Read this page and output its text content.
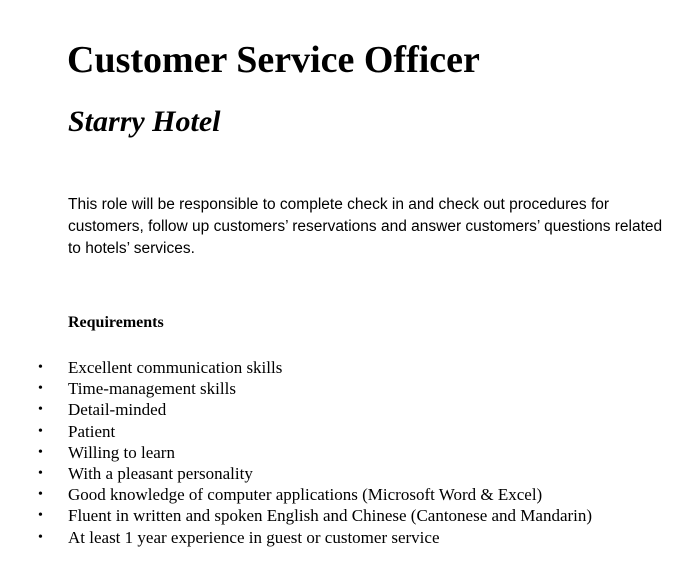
Customer Service Officer
Starry Hotel

This role will be responsible to complete check in and check out procedures for customers, follow up customers’ reservations and answer customers’ questions related to hotels’ services.

Requirements
• Excellent communication skills
• Time-management skills
• Detail-minded
• Patient
• Willing to learn
• With a pleasant personality
• Good knowledge of computer applications (Microsoft Word & Excel)
• Fluent in written and spoken English and Chinese (Cantonese and Mandarin)
• At least 1 year experience in guest or customer service
